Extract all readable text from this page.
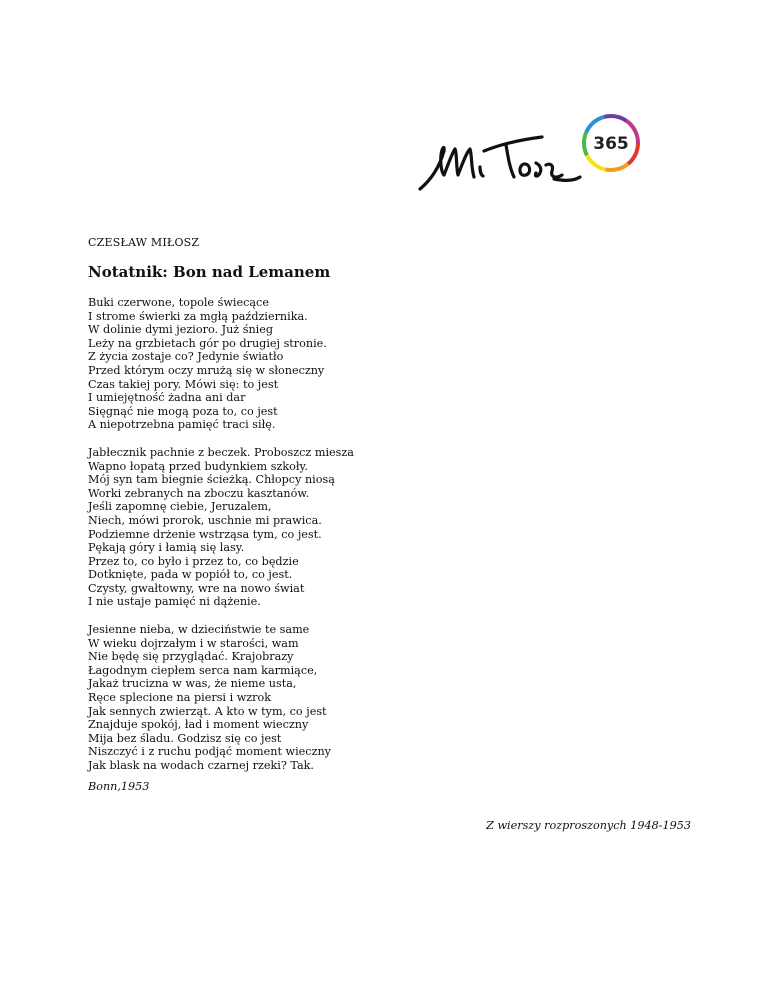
365
CZESŁAW MIŁOSZ
Notatnik: Bon nad Lemanem
Buki czerwone, topole świecące
I strome świerki za mgłą października.
W dolinie dymi jezioro. Już śnieg
Leży na grzbietach gór po drugiej stronie.
Z życia zostaje co? Jedynie światło
Przed którym oczy mrużą się w słoneczny
Czas takiej pory. Mówi się: to jest
I umiejętność żadna ani dar
Sięgnąć nie mogą poza to, co jest
A niepotrzebna pamięć traci siłę.
Jabłecznik pachnie z beczek. Proboszcz miesza
Wapno łopatą przed budynkiem szkoły.
Mój syn tam biegnie ścieżką. Chłopcy niosą
Worki zebranych na zboczu kasztanów.
Jeśli zapomnę ciebie, Jeruzalem,
Niech, mówi prorok, uschnie mi prawica.
Podziemne drżenie wstrząsa tym, co jest.
Pękają góry i łamią się lasy.
Przez to, co było i przez to, co będzie
Dotknięte, pada w popiół to, co jest.
Czysty, gwałtowny, wre na nowo świat
I nie ustaje pamięć ni dążenie.
Jesienne nieba, w dzieciństwie te same
W wieku dojrzałym i w starości, wam
Nie będę się przyglądać. Krajobrazy
Łagodnym ciepłem serca nam karmiące,
Jakaż trucizna w was, że nieme usta,
Ręce splecione na piersi i wzrok
Jak sennych zwierząt. A kto w tym, co jest
Znajduje spokój, ład i moment wieczny
Mija bez śladu. Godzisz się co jest
Niszczyć i z ruchu podjąć moment wieczny
Jak blask na wodach czarnej rzeki? Tak.
Bonn,1953
Z wierszy rozproszonych 1948-1953
